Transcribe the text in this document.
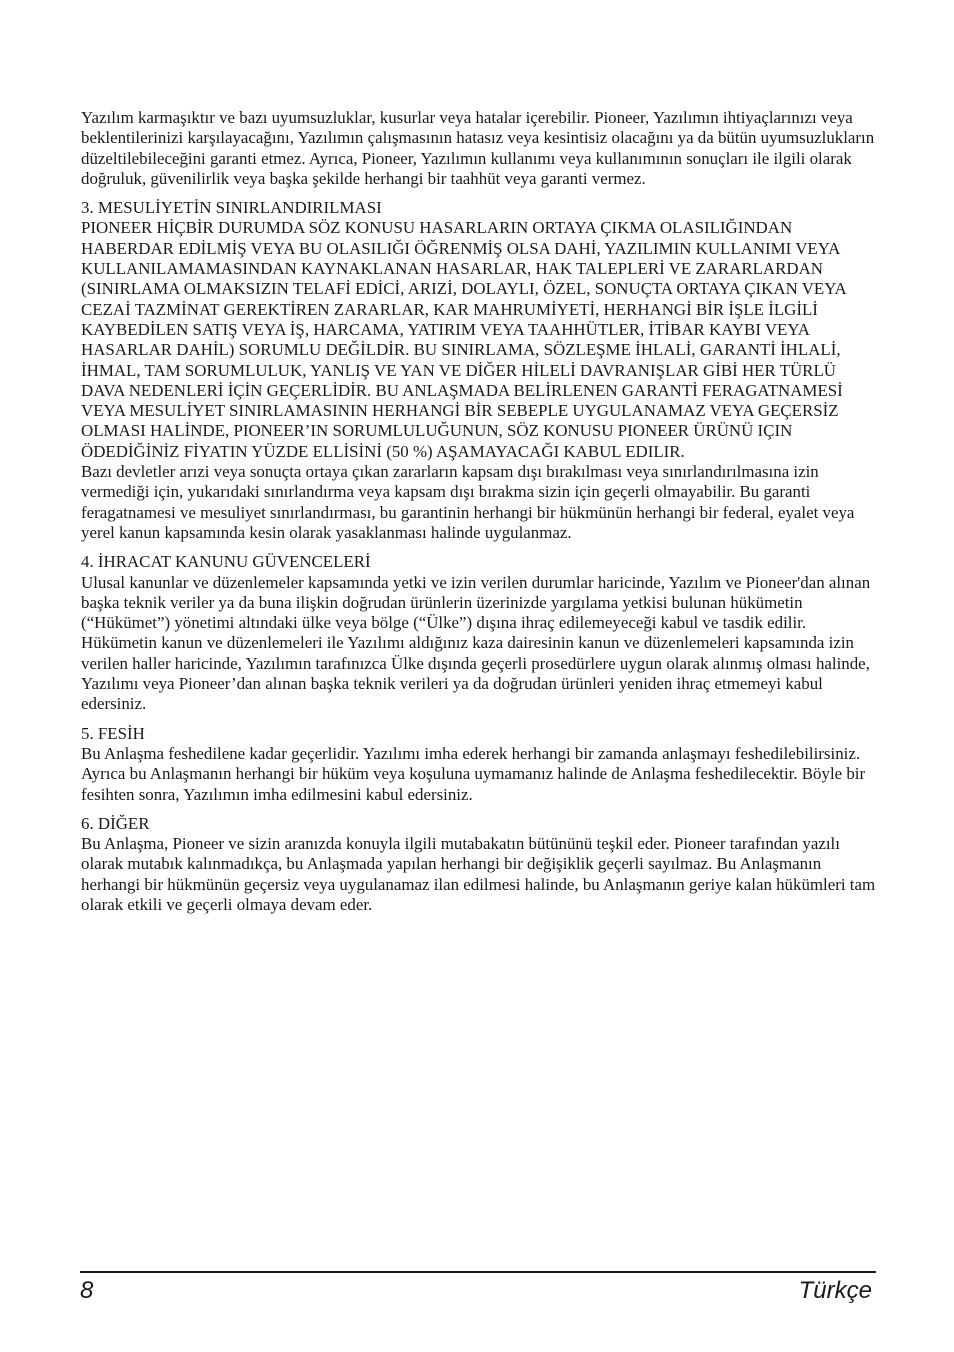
Yazılım karmaşıktır ve bazı uyumsuzluklar, kusurlar veya hatalar içerebilir. Pioneer, Yazılımın ihtiyaçlarınızı veya beklentilerinizi karşılayacağını, Yazılımın çalışmasının hatasız veya kesintisiz olacağını ya da bütün uyumsuzlukların düzeltilebileceğini garanti etmez. Ayrıca, Pioneer, Yazılımın kullanımı veya kullanımının sonuçları ile ilgili olarak doğruluk, güvenilirlik veya başka şekilde herhangi bir taahhüt veya garanti vermez.

3. MESULİYETİN SINIRLANDIRILMASI

PIONEER HİÇBİR DURUMDA SÖZ KONUSU HASARLARIN ORTAYA ÇIKMA OLASILIĞINDAN HABERDAR EDİLMİŞ VEYA BU OLASILIĞI ÖĞRENMİŞ OLSA DAHİ, YAZILIMIN KULLANIMI VEYA KULLANILAMAMASINDAN KAYNAKLANAN HASARLAR, HAK TALEPLERİ VE ZARARLARDAN (SINIRLAMA OLMAKSIZIN TELAFİ EDİCİ, ARIZİ, DOLAYLI, ÖZEL, SONUÇTA ORTAYA ÇIKAN VEYA CEZAİ TAZMİNAT GEREKTİREN ZARARLAR, KAR MAHRUMİYETİ, HERHANGİ BİR İŞLE İLGİLİ KAYBEDİLEN SATIŞ VEYA İŞ, HARCAMA, YATIRIM VEYA TAAHHÜTLER, İTİBAR KAYBI VEYA HASARLAR DAHİL) SORUMLU DEĞİLDİR. BU SINIRLAMA, SÖZLEŞME İHLALİ, GARANTİ İHLALİ, İHMAL, TAM SORUMLULUK, YANLIŞ VE YAN VE DİĞER HİLELİ DAVRANIŞLAR GİBİ HER TÜRLÜ DAVA NEDENLERİ İÇİN GEÇERLİDİR. BU ANLAŞMADA BELİRLENEN GARANTİ FERAGATNAMESİ VEYA MESULİYET SINIRLAMASININ HERHANGİ BİR SEBEPLE UYGULANAMAZ VEYA GEÇERSİZ OLMASI HALİNDE, PIONEER’IN SORUMLULUĞUNUN, SÖZ KONUSU PIONEER ÜRÜNÜ IÇIN ÖDEDİĞİNİZ FİYATIN YÜZDE ELLİSİNİ (50 %) AŞAMAYACAĞI KABUL EDILIR.

Bazı devletler arızi veya sonuçta ortaya çıkan zararların kapsam dışı bırakılması veya sınırlandırılmasına izin vermediği için, yukarıdaki sınırlandırma veya kapsam dışı bırakma sizin için geçerli olmayabilir. Bu garanti feragatnamesi ve mesuliyet sınırlandırması, bu garantinin herhangi bir hükmünün herhangi bir federal, eyalet veya yerel kanun kapsamında kesin olarak yasaklanması halinde uygulanmaz.

4. İHRACAT KANUNU GÜVENCELERİ

Ulusal kanunlar ve düzenlemeler kapsamında yetki ve izin verilen durumlar haricinde, Yazılım ve Pioneer'dan alınan başka teknik veriler ya da buna ilişkin doğrudan ürünlerin üzerinizde yargılama yetkisi bulunan hükümetin (“Hükümet”) yönetimi altındaki ülke veya bölge (“Ülke”) dışına ihraç edilemeyeceği kabul ve tasdik edilir. Hükümetin kanun ve düzenlemeleri ile Yazılımı aldığınız kaza dairesinin kanun ve düzenlemeleri kapsamında izin verilen haller haricinde, Yazılımın tarafınızca Ülke dışında geçerli prosedürlere uygun olarak alınmış olması halinde, Yazılımı veya Pioneer’dan alınan başka teknik verileri ya da doğrudan ürünleri yeniden ihraç etmemeyi kabul edersiniz.

5. FESİH

Bu Anlaşma feshedilene kadar geçerlidir. Yazılımı imha ederek herhangi bir zamanda anlaşmayı feshedilebilirsiniz. Ayrıca bu Anlaşmanın herhangi bir hüküm veya koşuluna uymamanız halinde de Anlaşma feshedilecektir. Böyle bir fesihten sonra, Yazılımın imha edilmesini kabul edersiniz.

6. DİĞER

Bu Anlaşma, Pioneer ve sizin aranızda konuyla ilgili mutabakatın bütününü teşkil eder. Pioneer tarafından yazılı olarak mutabık kalınmadıkça, bu Anlaşmada yapılan herhangi bir değişiklik geçerli sayılmaz. Bu Anlaşmanın herhangi bir hükmünün geçersiz veya uygulanamaz ilan edilmesi halinde, bu Anlaşmanın geriye kalan hükümleri tam olarak etkili ve geçerli olmaya devam eder.

8	Türkçe
